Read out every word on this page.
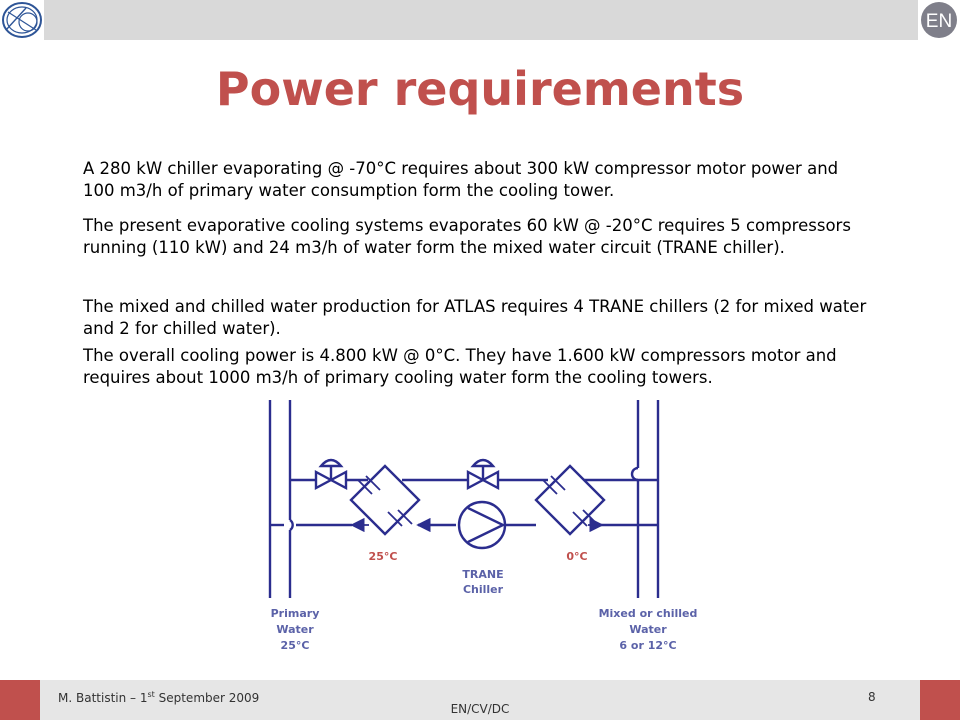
EN
Power requirements

A 280 kW chiller evaporating @ -70°C requires about 300 kW compressor motor power and 100 m3/h of primary water consumption form the cooling tower.

The present evaporative cooling systems evaporates 60 kW @ -20°C requires 5 compressors running (110 kW) and 24 m3/h of water form the mixed water circuit (TRANE chiller).

The mixed and chilled water production for ATLAS requires 4 TRANE chillers (2 for mixed water and 2 for chilled water).

The overall cooling power is 4.800 kW @ 0°C. They have 1.600 kW compressors motor and requires about 1000 m3/h of primary cooling water form the cooling towers.

25°C	0°C
TRANE
Chiller
Primary
Water
25°C
Mixed or chilled
Water
6 or 12°C
M. Battistin – 1st September 2009
EN/CV/DC
8
